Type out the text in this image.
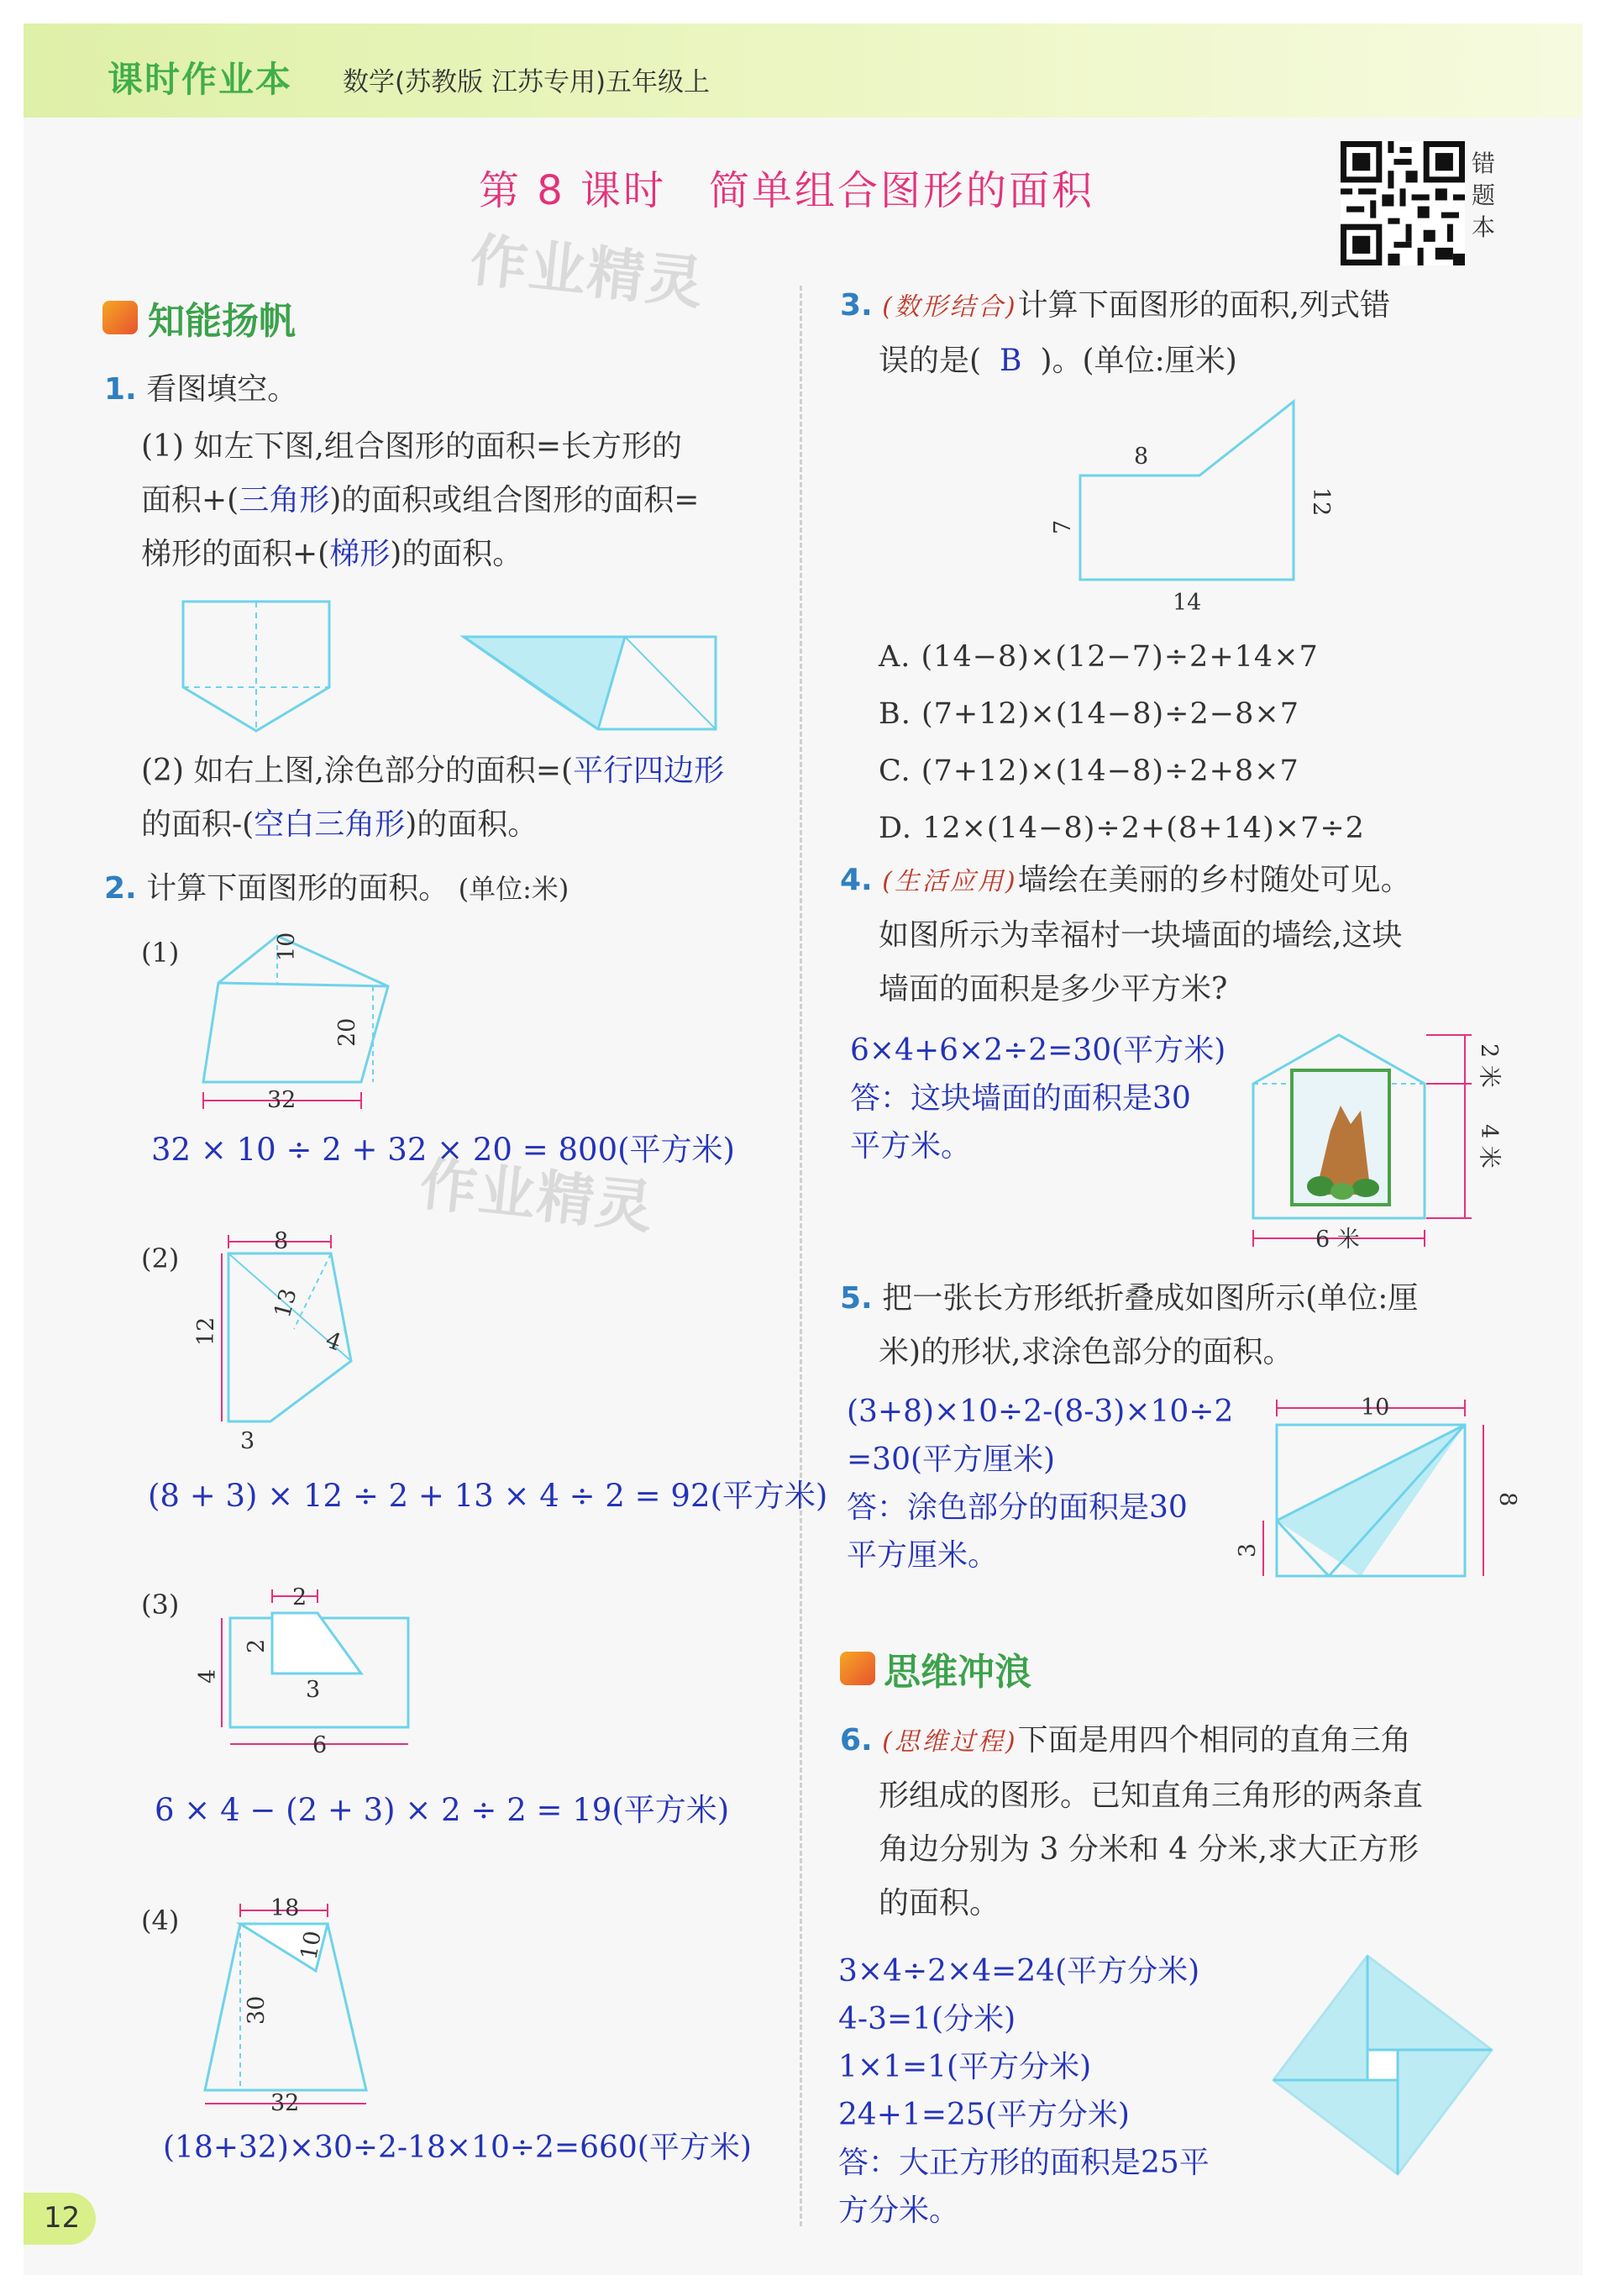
课时作业本 数学(苏教版 江苏专用)五年级上
第 8 课时　简单组合图形的面积
错
题
本
作业精灵
作业精灵
知能扬帆
1. 看图填空。
(1) 如左下图,组合图形的面积=长方形的
面积+(三角形)的面积或组合图形的面积=
梯形的面积+(梯形)的面积。
(2) 如右上图,涂色部分的面积=(平行四边形
的面积-(空白三角形)的面积。
2. 计算下面图形的面积。 (单位:米)
(1)	10
20
32
32 × 10 ÷ 2 + 32 × 20 = 800(平方米)
(2)
8
12
13
4
3
(8 + 3) × 12 ÷ 2 + 13 × 4 ÷ 2 = 92(平方米)
(3)	2
2
4
3
6
6 × 4 − (2 + 3) × 2 ÷ 2 = 19(平方米)
(4)	18
10
30
32
(18+32)×30÷2-18×10÷2=660(平方米)
3. (数形结合)计算下面图形的面积,列式错
误的是( B )。(单位:厘米)
8
12
7
14
A. (14−8)×(12−7)÷2+14×7
B. (7+12)×(14−8)÷2−8×7
C. (7+12)×(14−8)÷2+8×7
D. 12×(14−8)÷2+(8+14)×7÷2
4. (生活应用)墙绘在美丽的乡村随处可见。
如图所示为幸福村一块墙面的墙绘,这块
墙面的面积是多少平方米?
6×4+6×2÷2=30(平方米)
答：这块墙面的面积是30
平方米。
2 米
4 米
6 米
5. 把一张长方形纸折叠成如图所示(单位:厘
米)的形状,求涂色部分的面积。
(3+8)×10÷2-(8-3)×10÷2
=30(平方厘米)
答：涂色部分的面积是30
平方厘米。
10
8
3
思维冲浪
6. (思维过程)下面是用四个相同的直角三角
形组成的图形。已知直角三角形的两条直
角边分别为 3 分米和 4 分米,求大正方形
的面积。
3×4÷2×4=24(平方分米)
4-3=1(分米)
1×1=1(平方分米)
24+1=25(平方分米)
答：大正方形的面积是25平
方分米。
12
